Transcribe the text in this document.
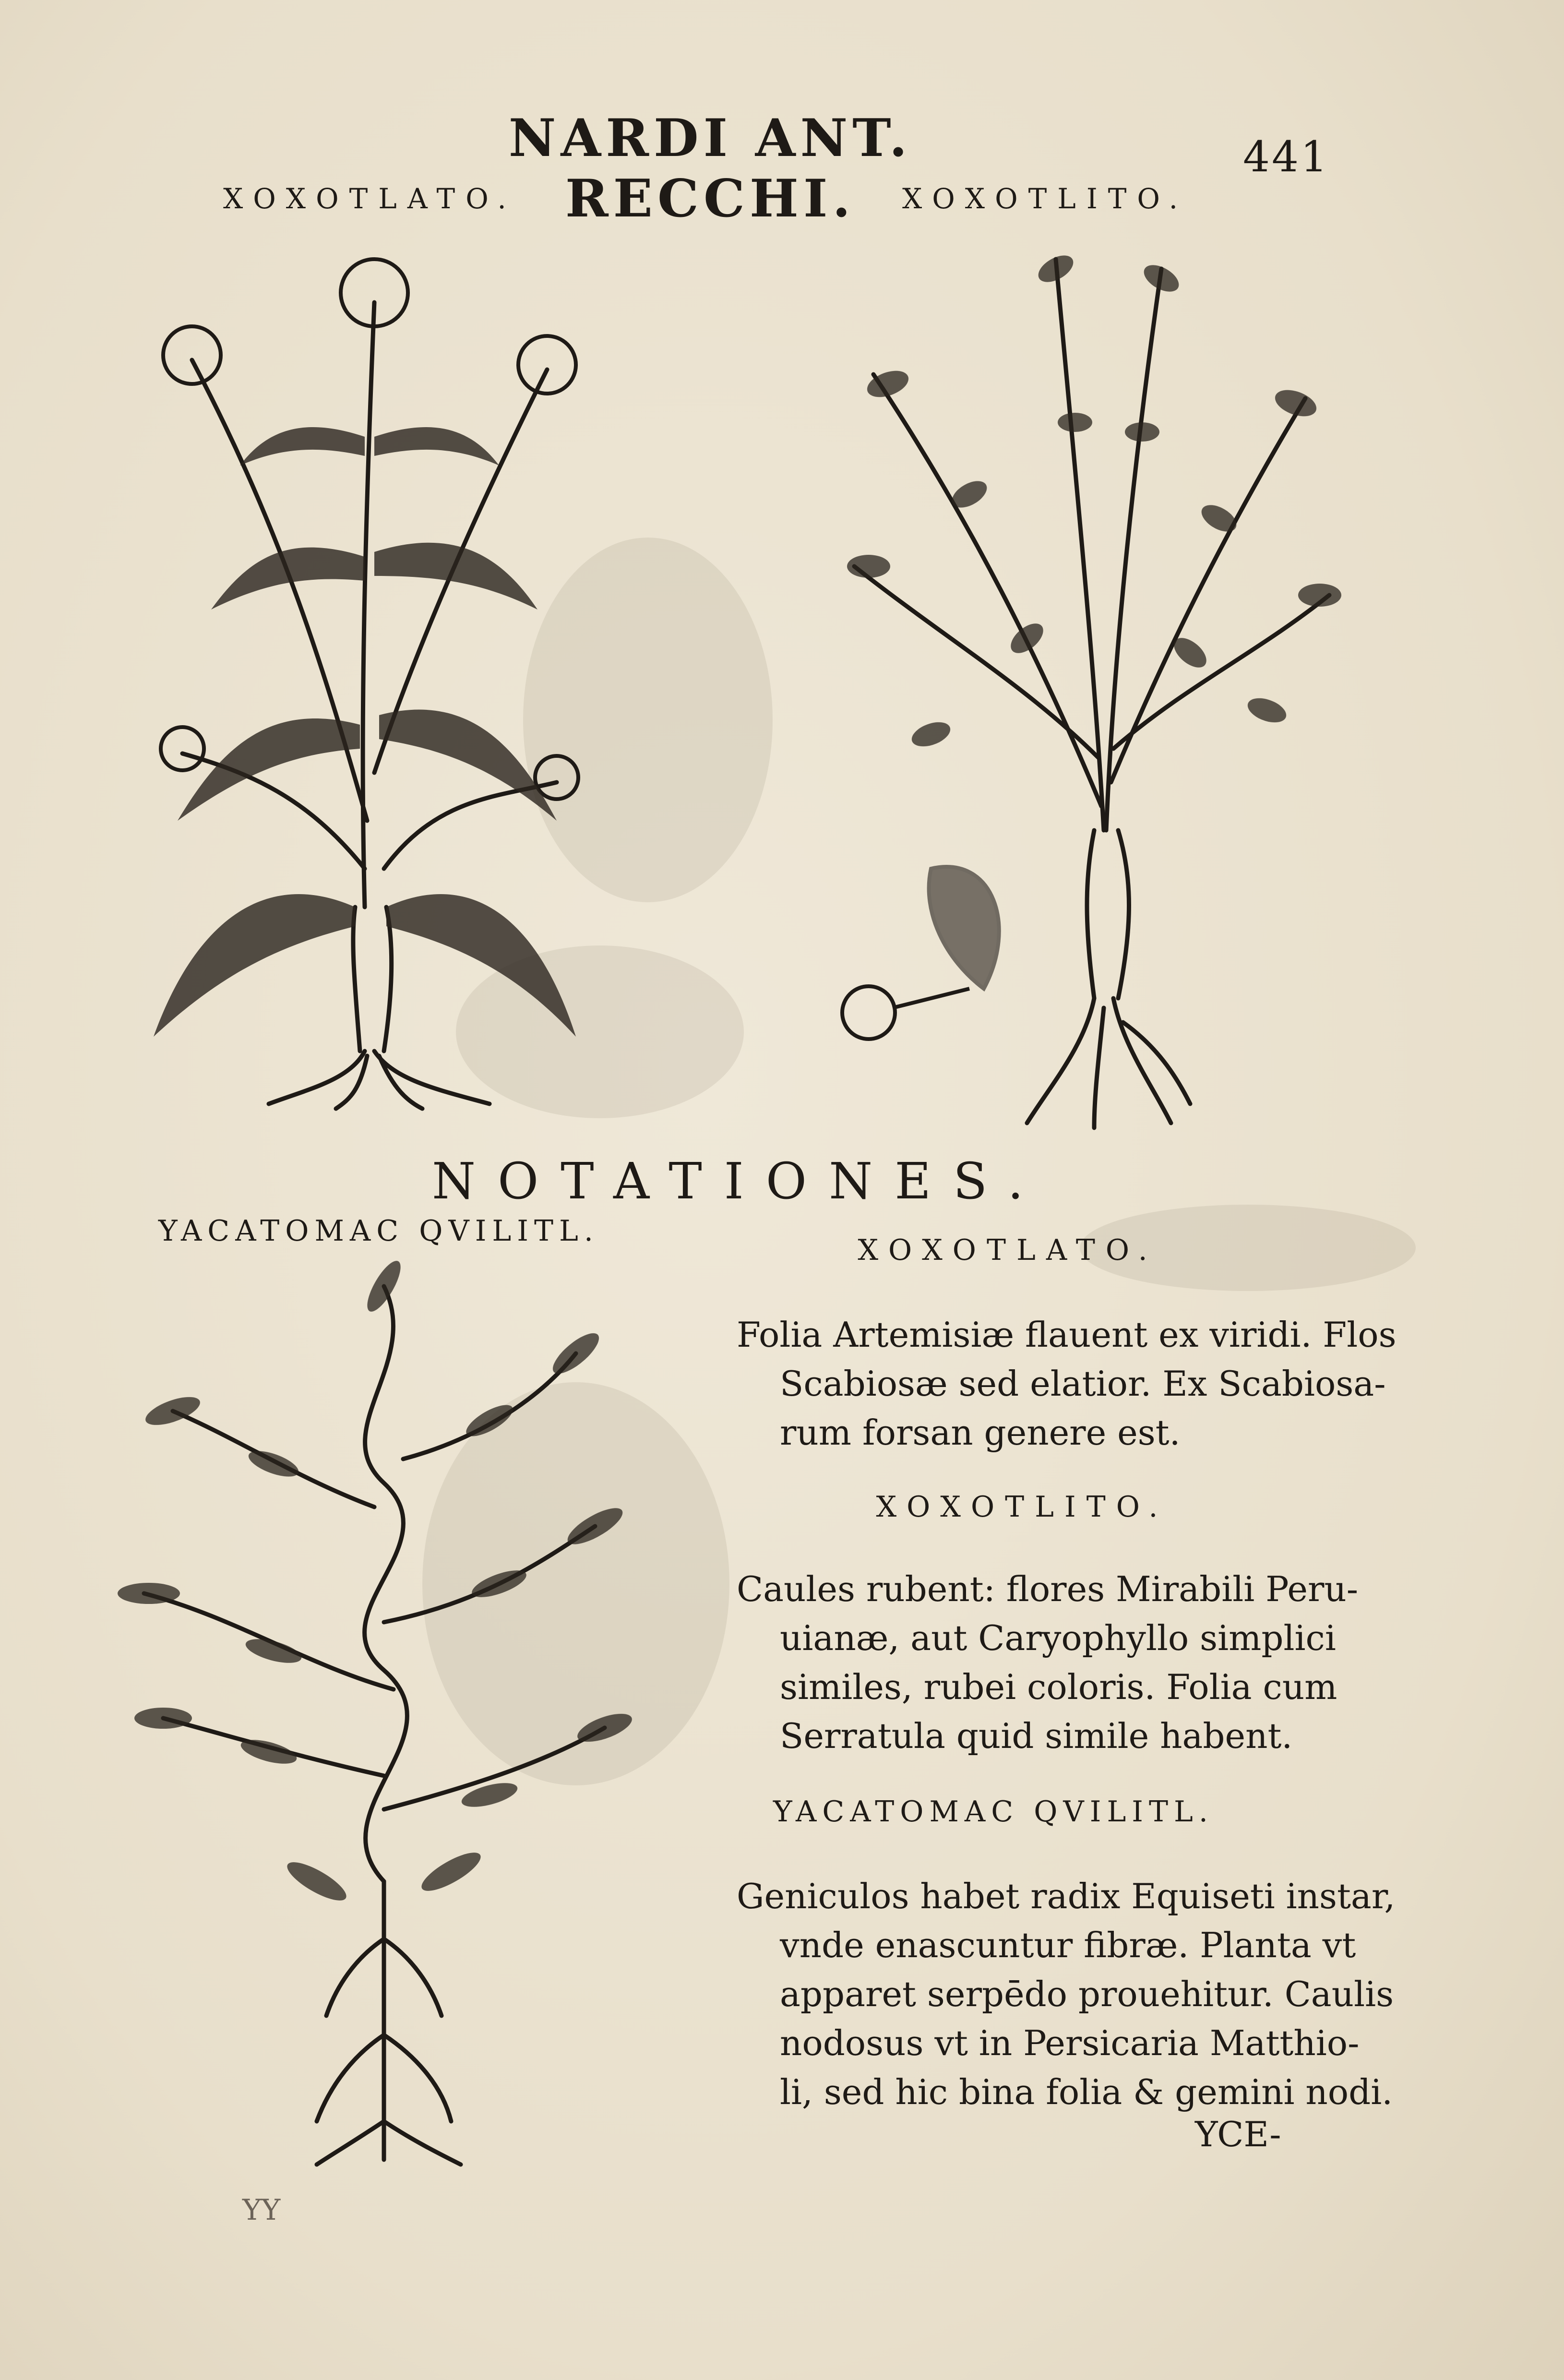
NARDI ANT. RECCHI.
441
XOXOTLATO.	XOXOTLITO.
YACATOMAC QVILITL.
NOTATIONES.
XOXOTLATO.
Folia Artemisiæ flauent ex viridi. Flos
Scabiosæ sed elatior. Ex Scabiosa-
rum forsan genere est.
XOXOTLITO.
Caules rubent: flores Mirabili Peru-
uianæ, aut Caryophyllo simplici
similes, rubei coloris. Folia cum
Serratula quid simile habent.
YACATOMAC QVILITL.
Geniculos habet radix Equiseti instar,
vnde enascuntur fibræ. Planta vt
apparet serpēdo prouehitur. Caulis
nodosus vt in Persicaria Matthio-
li, sed hic bina folia & gemini nodi.
YCE-
YY
